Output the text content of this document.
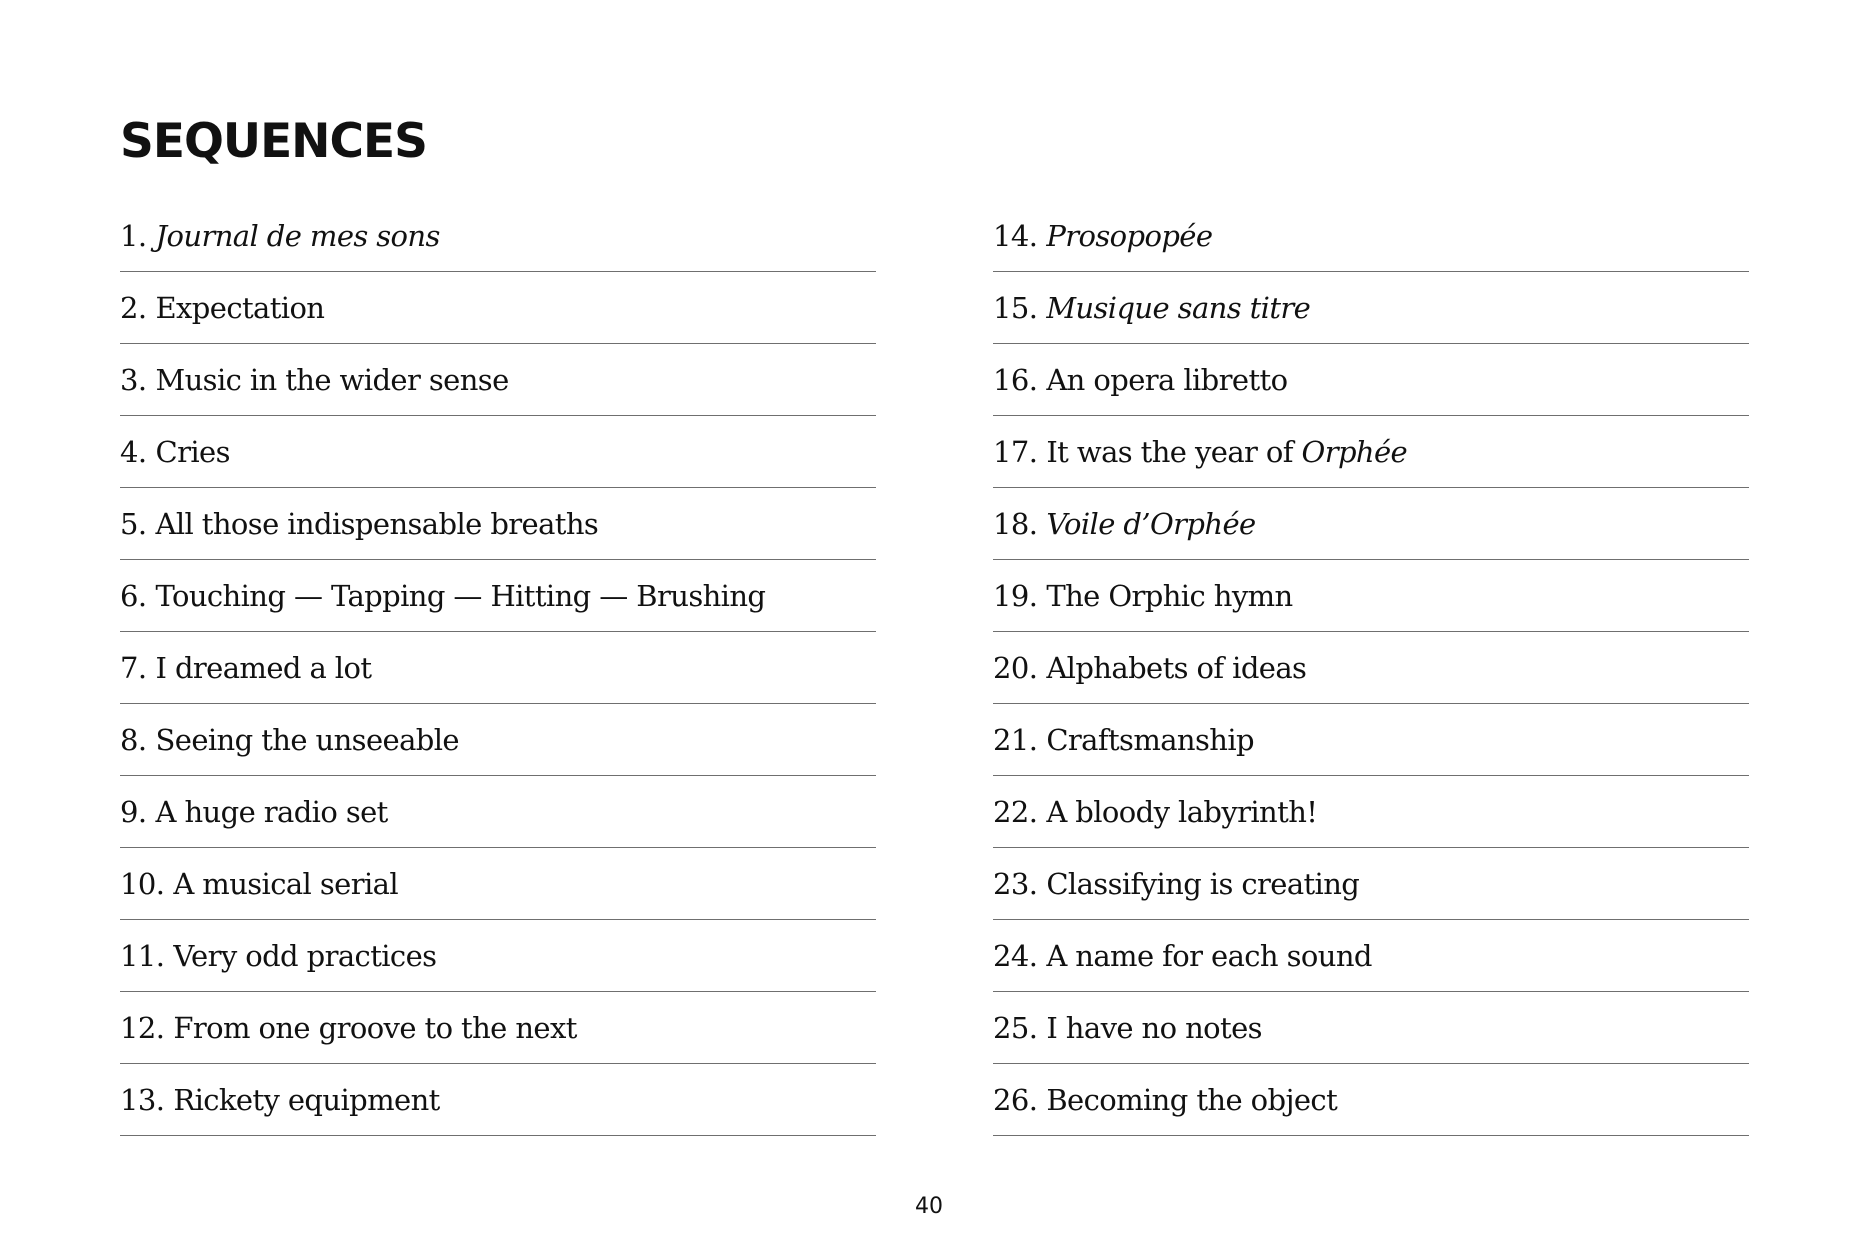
SEQUENCES
1. Journal de mes sons
2. Expectation
3. Music in the wider sense
4. Cries
5. All those indispensable breaths
6. Touching — Tapping — Hitting — Brushing
7. I dreamed a lot
8. Seeing the unseeable
9. A huge radio set
10. A musical serial
11. Very odd practices
12. From one groove to the next
13. Rickety equipment
14. Prosopopée
15. Musique sans titre
16. An opera libretto
17. It was the year of
Orphée
18. Voile d’Orphée
19. The Orphic hymn
20. Alphabets of ideas
21. Craftsmanship
22. A bloody labyrinth!
23. Classifying is creating
24. A name for each sound
25. I have no notes
26. Becoming the object
40
